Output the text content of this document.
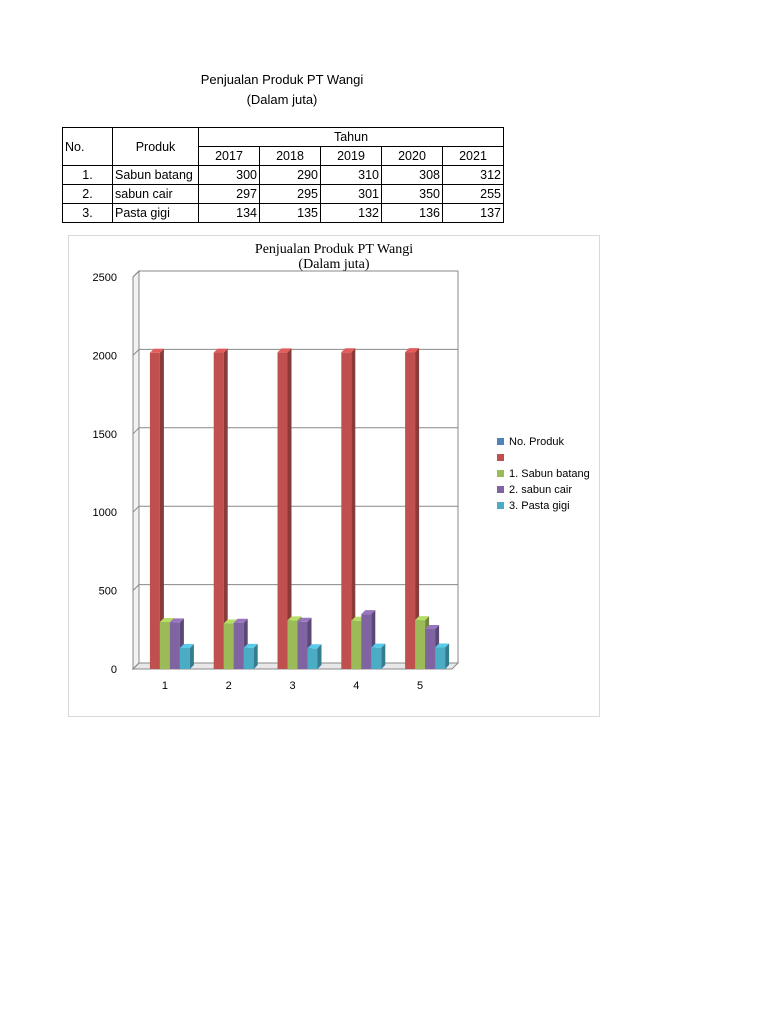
Penjualan Produk PT Wangi
(Dalam juta)
No.	Produk	Tahun				
		2017	2018	2019	2020	2021
1.	Sabun batang	300	290	310	308	312
2.	sabun cair	297	295	301	350	255
3.	Pasta gigi	134	135	132	136	137
0
500
1000
1500
2000
2500
1	2	3	4	5
No. Produk
1. Sabun batang
2. sabun cair
3. Pasta gigi
Penjualan Produk PT Wangi
(Dalam juta)
